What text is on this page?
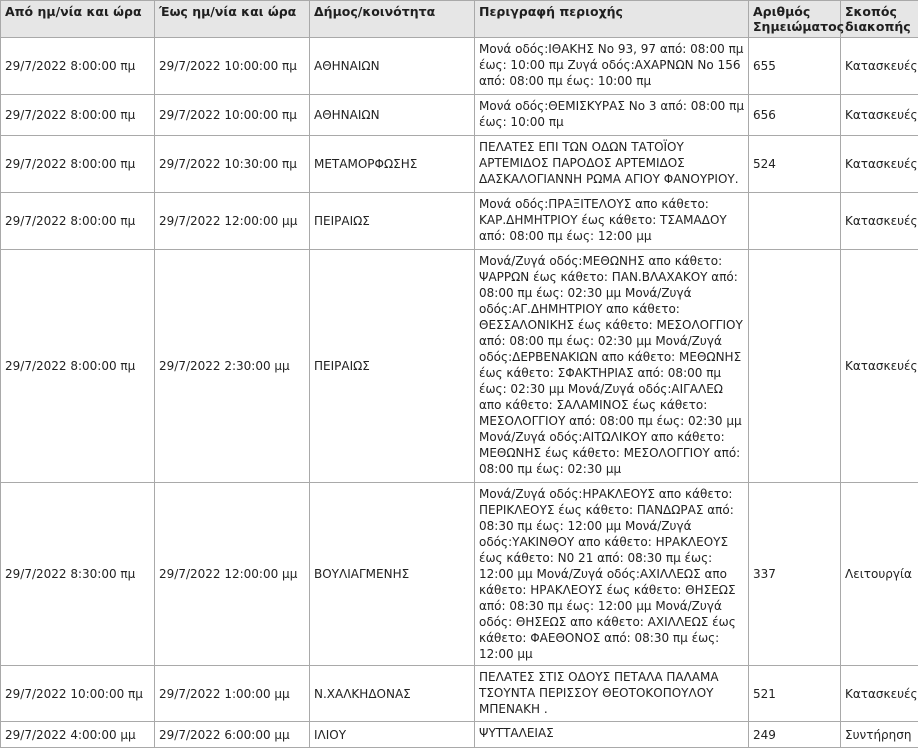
Από ημ/νία και ώρα	Έως ημ/νία και ώρα	Δήμος/κοινότητα	Περιγραφή περιοχής	Αριθμός Σημειώματος	Σκοπός διακοπής
29/7/2022 8:00:00 πμ	29/7/2022 10:00:00 πμ	ΑΘΗΝΑΙΩΝ	Μονά οδός:ΙΘΑΚΗΣ Νο 93, 97 από: 08:00 πμ έως: 10:00 πμ Ζυγά οδός:ΑΧΑΡΝΩΝ Νο 156 από: 08:00 πμ έως: 10:00 πμ	655	Κατασκευές
29/7/2022 8:00:00 πμ	29/7/2022 10:00:00 πμ	ΑΘΗΝΑΙΩΝ	Μονά οδός:ΘΕΜΙΣΚΥΡΑΣ Νο 3 από: 08:00 πμ έως: 10:00 πμ	656	Κατασκευές
29/7/2022 8:00:00 πμ	29/7/2022 10:30:00 πμ	ΜΕΤΑΜΟΡΦΩΣΗΣ	ΠΕΛΑΤΕΣ ΕΠΙ ΤΩΝ ΟΔΩΝ ΤΑΤΟΪΟΥ ΑΡΤΕΜΙΔΟΣ ΠΑΡΟΔΟΣ ΑΡΤΕΜΙΔΟΣ ΔΑΣΚΑΛΟΓΙΑΝΝΗ ΡΩΜΑ ΑΓΙΟΥ ΦΑΝΟΥΡΙΟΥ.	524	Κατασκευές
29/7/2022 8:00:00 πμ	29/7/2022 12:00:00 μμ	ΠΕΙΡΑΙΩΣ	Μονά οδός:ΠΡΑΞΙΤΕΛΟΥΣ απο κάθετο: ΚΑΡ.ΔΗΜΗΤΡΙΟΥ έως κάθετο: ΤΣΑΜΑΔΟΥ από: 08:00 πμ έως: 12:00 μμ		Κατασκευές
29/7/2022 8:00:00 πμ	29/7/2022 2:30:00 μμ	ΠΕΙΡΑΙΩΣ	Μονά/Ζυγά οδός:ΜΕΘΩΝΗΣ απο κάθετο: ΨΑΡΡΩΝ έως κάθετο: ΠΑΝ.ΒΛΑΧΑΚΟΥ από: 08:00 πμ έως: 02:30 μμ Μονά/Ζυγά οδός:ΑΓ.ΔΗΜΗΤΡΙΟΥ απο κάθετο: ΘΕΣΣΑΛΟΝΙΚΗΣ έως κάθετο: ΜΕΣΟΛΟΓΓΙΟΥ από: 08:00 πμ έως: 02:30 μμ Μονά/Ζυγά οδός:ΔΕΡΒΕΝΑΚΙΩΝ απο κάθετο: ΜΕΘΩΝΗΣ έως κάθετο: ΣΦΑΚΤΗΡΙΑΣ από: 08:00 πμ έως: 02:30 μμ Μονά/Ζυγά οδός:ΑΙΓΑΛΕΩ απο κάθετο: ΣΑΛΑΜΙΝΟΣ έως κάθετο: ΜΕΣΟΛΟΓΓΙΟΥ από: 08:00 πμ έως: 02:30 μμ Μονά/Ζυγά οδός:ΑΙΤΩΛΙΚΟΥ απο κάθετο: ΜΕΘΩΝΗΣ έως κάθετο: ΜΕΣΟΛΟΓΓΙΟΥ από: 08:00 πμ έως: 02:30 μμ		Κατασκευές
29/7/2022 8:30:00 πμ	29/7/2022 12:00:00 μμ	ΒΟΥΛΙΑΓΜΕΝΗΣ	Μονά/Ζυγά οδός:ΗΡΑΚΛΕΟΥΣ απο κάθετο: ΠΕΡΙΚΛΕΟΥΣ έως κάθετο: ΠΑΝΔΩΡΑΣ από: 08:30 πμ έως: 12:00 μμ Μονά/Ζυγά οδός:ΥΑΚΙΝΘΟΥ απο κάθετο: ΗΡΑΚΛΕΟΥΣ έως κάθετο: Ν0 21 από: 08:30 πμ έως: 12:00 μμ Μονά/Ζυγά οδός:ΑΧΙΛΛΕΩΣ απο κάθετο: ΗΡΑΚΛΕΟΥΣ έως κάθετο: ΘΗΣΕΩΣ από: 08:30 πμ έως: 12:00 μμ Μονά/Ζυγά οδός: ΘΗΣΕΩΣ απο κάθετο: ΑΧΙΛΛΕΩΣ έως κάθετο: ΦΑΕΘΟΝΟΣ από: 08:30 πμ έως: 12:00 μμ	337	Λειτουργία
29/7/2022 10:00:00 πμ	29/7/2022 1:00:00 μμ	Ν.ΧΑΛΚΗΔΟΝΑΣ	ΠΕΛΑΤΕΣ ΣΤΙΣ ΟΔΟΥΣ ΠΕΤΑΛΑ ΠΑΛΑΜΑ ΤΣΟΥΝΤΑ ΠΕΡΙΣΣΟΥ ΘΕΟΤΟΚΟΠΟΥΛΟΥ ΜΠΕΝΑΚΗ .	521	Κατασκευές
29/7/2022 4:00:00 μμ	29/7/2022 6:00:00 μμ	ΙΛΙΟΥ	ΨΥΤΤΑΛΕΙΑΣ	249	Συντήρηση
